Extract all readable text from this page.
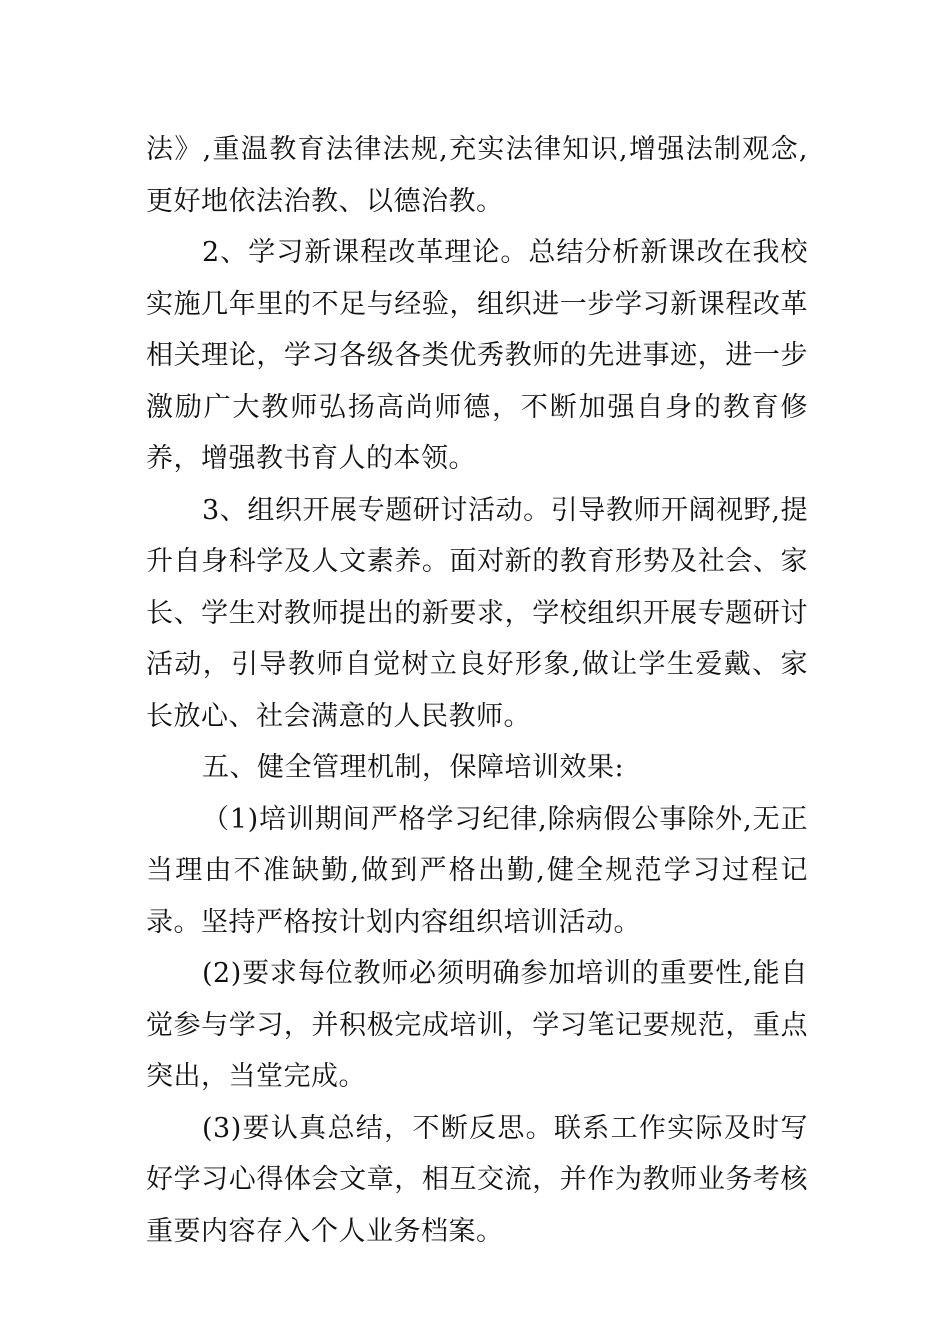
法》,重温教育法律法规,充实法律知识,增强法制观念,更好地依法治教、以德治教。

2、学习新课程改革理论。总结分析新课改在我校实施几年里的不足与经验，组织进一步学习新课程改革相关理论，学习各级各类优秀教师的先进事迹，进一步激励广大教师弘扬高尚师德，不断加强自身的教育修养，增强教书育人的本领。

3、组织开展专题研讨活动。引导教师开阔视野,提升自身科学及人文素养。面对新的教育形势及社会、家长、学生对教师提出的新要求，学校组织开展专题研讨活动，引导教师自觉树立良好形象,做让学生爱戴、家长放心、社会满意的人民教师。

五、健全管理机制，保障培训效果:

（1)培训期间严格学习纪律,除病假公事除外,无正当理由不准缺勤,做到严格出勤,健全规范学习过程记录。坚持严格按计划内容组织培训活动。

(2)要求每位教师必须明确参加培训的重要性,能自觉参与学习，并积极完成培训，学习笔记要规范，重点突出，当堂完成。

(3)要认真总结，不断反思。联系工作实际及时写好学习心得体会文章，相互交流，并作为教师业务考核重要内容存入个人业务档案。
